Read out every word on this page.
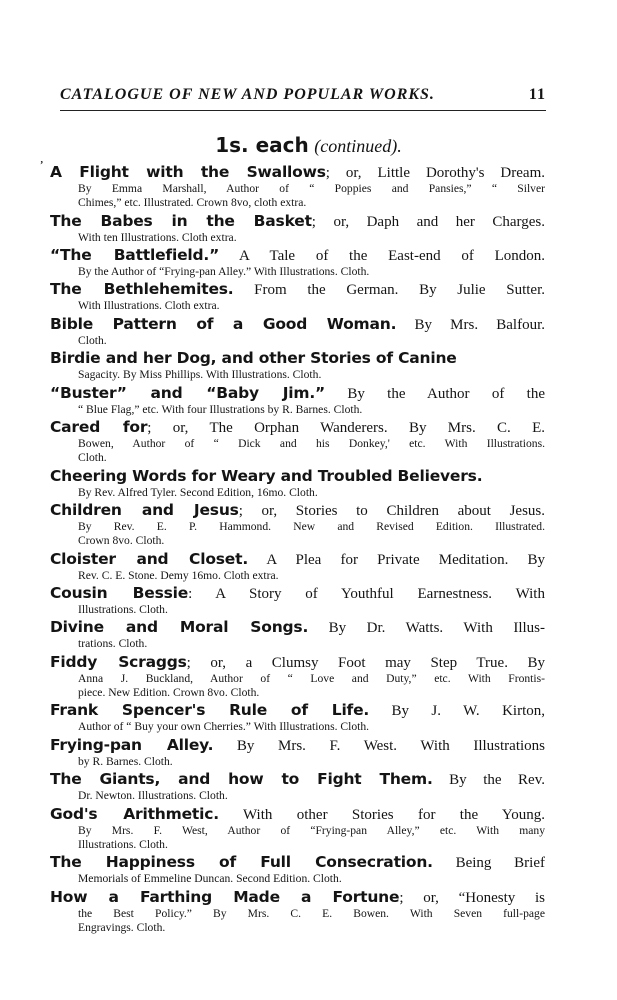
CATALOGUE OF NEW AND POPULAR WORKS.	11
1s. each (continued).
’ A Flight with the Swallows; or, Little Dorothy's Dream.
By Emma Marshall, Author of “ Poppies and Pansies,” “ Silver
Chimes,” etc. Illustrated. Crown 8vo, cloth extra.
The Babes in the Basket; or, Daph and her Charges.
With ten Illustrations. Cloth extra.
“The Battlefield.” A Tale of the East-end of London.
By the Author of “Frying-pan Alley.” With Illustrations. Cloth.
The Bethlehemites. From the German. By Julie Sutter.
With Illustrations. Cloth extra.
Bible Pattern of a Good Woman. By Mrs. Balfour.
Cloth.
Birdie and her Dog, and other Stories of Canine
Sagacity. By Miss Phillips. With Illustrations. Cloth.
“Buster” and “Baby Jim.” By the Author of the
“ Blue Flag,” etc. With four Illustrations by R. Barnes. Cloth.
Cared for; or, The Orphan Wanderers. By Mrs. C. E.
Bowen, Author of “ Dick and his Donkey,' etc. With Illustrations.
Cloth.
Cheering Words for Weary and Troubled Believers.
By Rev. Alfred Tyler. Second Edition, 16mo. Cloth.
Children and Jesus; or, Stories to Children about Jesus.
By Rev. E. P. Hammond. New and Revised Edition. Illustrated.
Crown 8vo. Cloth.
Cloister and Closet. A Plea for Private Meditation. By
Rev. C. E. Stone. Demy 16mo. Cloth extra.
Cousin Bessie: A Story of Youthful Earnestness. With
Illustrations. Cloth.
Divine and Moral Songs. By Dr. Watts. With Illus-
trations. Cloth.
Fiddy Scraggs; or, a Clumsy Foot may Step True. By
Anna J. Buckland, Author of “ Love and Duty,” etc. With Frontis-
piece. New Edition. Crown 8vo. Cloth.
Frank Spencer's Rule of Life. By J. W. Kirton,
Author of “ Buy your own Cherries.” With Illustrations. Cloth.
Frying-pan Alley. By Mrs. F. West. With Illustrations
by R. Barnes. Cloth.
The Giants, and how to Fight Them. By the Rev.
Dr. Newton. Illustrations. Cloth.
God's Arithmetic. With other Stories for the Young.
By Mrs. F. West, Author of “Frying-pan Alley,” etc. With many
Illustrations. Cloth.
The Happiness of Full Consecration. Being Brief
Memorials of Emmeline Duncan. Second Edition. Cloth.
How a Farthing Made a Fortune; or, “Honesty is
the Best Policy.” By Mrs. C. E. Bowen. With Seven full-page
Engravings. Cloth.
